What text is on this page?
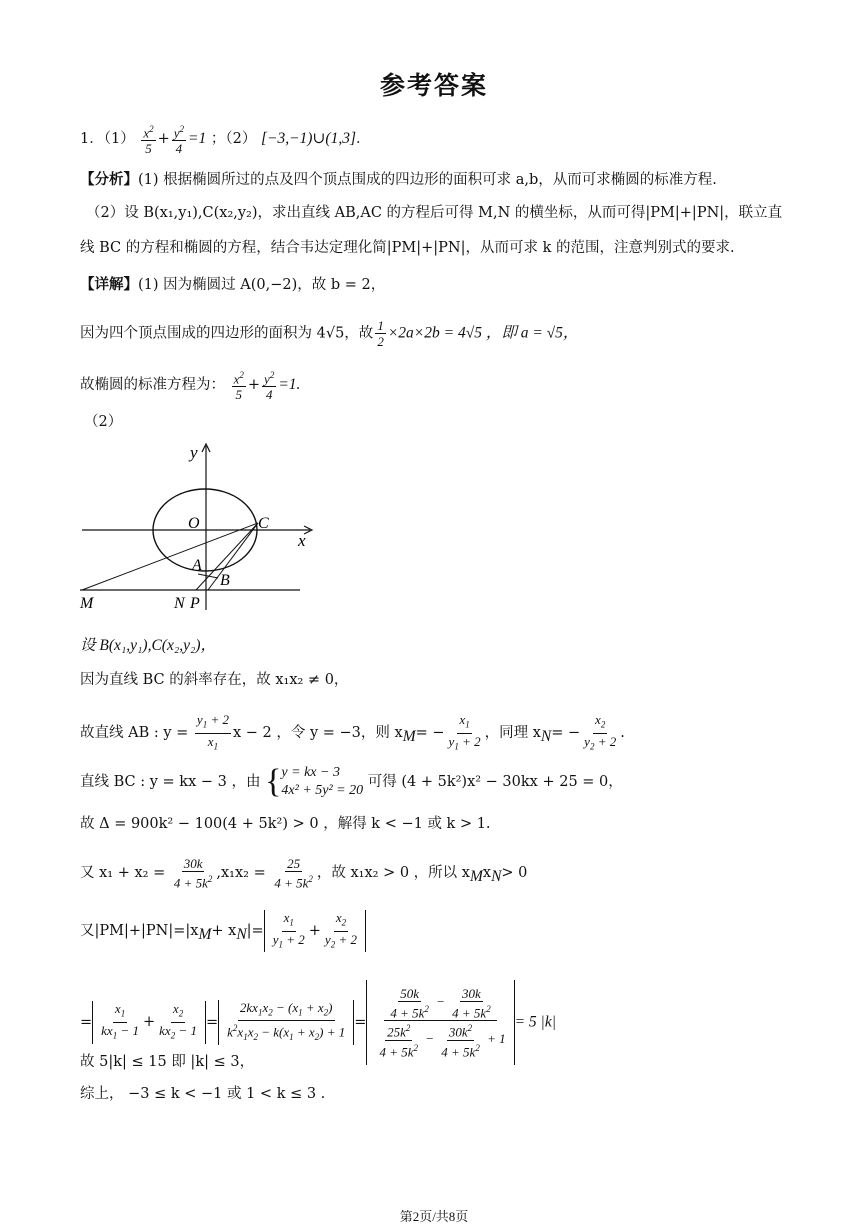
参考答案
1．$(1) \frac{x^2}{5} + \frac{y^2}{4} =1$ ；（2） [−3,−1)∪(1,3]．
【分析】(1) 根据椭圆所过的点及四个顶点围成的四边形的面积可求 a,b，从而可求椭圆的标准方程.
（2）设 B(x₁,y₁),C(x₂,y₂)，求出直线 AB,AC 的方程后可得 M,N 的横坐标，从而可得|PM|+|PN|，联立直
线 BC 的方程和椭圆的方程，结合韦达定理化简|PM|+|PN|，从而可求 k 的范围，注意判别式的要求.
【详解】(1) 因为椭圆过 A(0,−2)，故 b = 2，
因为四个顶点围成的四边形的面积为 4√5，故 $\frac{1}{2} \times 2a\times 2b = 4√5$ ，即 a = √5，
故椭圆的标准方程为： $\frac{x^2}{5} + \frac{y^2}{4} =1$.
（2）
y
x
O	C
A
B
M	N P
设 B(x₁,y₁),C(x₂,y₂)，
因为直线 BC 的斜率存在，故 x₁x₂ ≠ 0，
故直线 AB : $y = \frac{y_1 + 2}{x_1}$ x − 2 ，令 y = −3，则 $x_M= - \frac{x_1}{y_1 + 2}$ ，同理 $x_N= - \frac{x_2}{y_2 + 2}$ .
直线 BC : y = kx − 3 ，由 { y = kx − 3
4x² + 5y² = 20
可得 (4 + 5k²)x² − 30kx + 25 = 0，
故 Δ = 900k² − 100(4 + 5k²) > 0 ，解得 k < −1 或 k > 1.
又 $x_1 + x_2 = \frac{30k}{4 + 5k^2} ,x_1x_2 = \frac{25}{4 + 5k^2}$ ，故 x₁x₂ > 0 ，所以 $x_Mx_N> 0$
又$|PM|+|PN|=|x_M+ x_N|= \frac{x_1}{y_1 + 2} + \frac{x_2}{y_2 + 2}$
= $\frac{x_1}{kx_1 - 1} + \frac{x_2}{kx_2 - 1} = \frac{2kx_1x_2 - (x_1 + x_2)}{k^2x_1x_2 - k(x_1 + x_2) + 1} = \frac{\frac{50k}{4 + 5k^2} - \frac{30k}{4 + 5k^2}}{\frac{25k^2}{4 + 5k^2} - \frac{30k^2}{4 + 5k^2} + 1} = 5$ |k|
故 5|k| ≤ 15 即 |k| ≤ 3，
综上， −3 ≤ k < −1 或 1 < k ≤ 3 .
第2页/共8页
